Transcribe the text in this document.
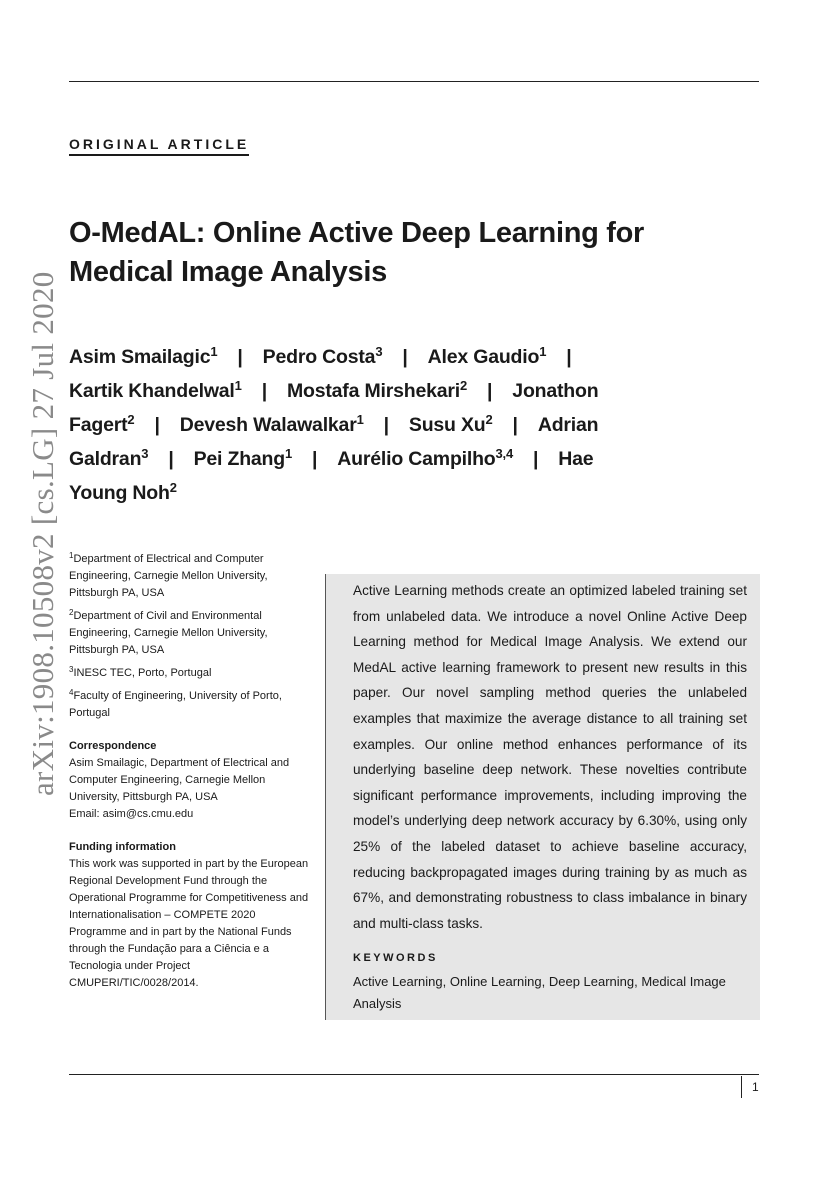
ORIGINAL ARTICLE
arXiv:1908.10508v2 [cs.LG] 27 Jul 2020
O-MedAL: Online Active Deep Learning for
Medical Image Analysis
Asim Smailagic$^1$ | Pedro Costa$^3$ | Alex Gaudio$^1$ |
Kartik Khandelwal$^1$ | Mostafa Mirshekari$^2$ | Jonathon
Fagert$^2$ | Devesh Walawalkar$^1$ | Susu Xu$^2$ | Adrian
Galdran$^3$ | Pei Zhang$^1$ | Aurélio Campilho$^{3,4}$ | Hae
Young Noh$^2$
$^1$Department of Electrical and Computer Engineering, Carnegie Mellon University, Pittsburgh PA, USA
$^2$Department of Civil and Environmental Engineering, Carnegie Mellon University, Pittsburgh PA, USA
$^3$INESC TEC, Porto, Portugal
$^4$Faculty of Engineering, University of Porto, Portugal
Correspondence
Asim Smailagic, Department of Electrical and Computer Engineering, Carnegie Mellon University, Pittsburgh PA, USA
Email: asim@cs.cmu.edu
Funding information
This work was supported in part by the European Regional Development Fund through the Operational Programme for Competitiveness and Internationalisation – COMPETE 2020 Programme and in part by the National Funds through the Fundação para a Ciência e a Tecnologia under Project CMUPERI/TIC/0028/2014.
Active Learning methods create an optimized labeled training set from unlabeled data. We introduce a novel Online Active Deep Learning method for Medical Image Analysis. We extend our MedAL active learning framework to present new results in this paper. Our novel sampling method queries the unlabeled examples that maximize the average distance to all training set examples. Our online method enhances performance of its underlying baseline deep network. These novelties contribute significant performance improvements, including improving the model’s underlying deep network accuracy by 6.30%, using only 25% of the labeled dataset to achieve baseline accuracy, reducing backpropagated images during training by as much as 67%, and demonstrating robustness to class imbalance in binary and multi-class tasks.
KEYWORDS
Active Learning, Online Learning, Deep Learning, Medical Image Analysis
1
